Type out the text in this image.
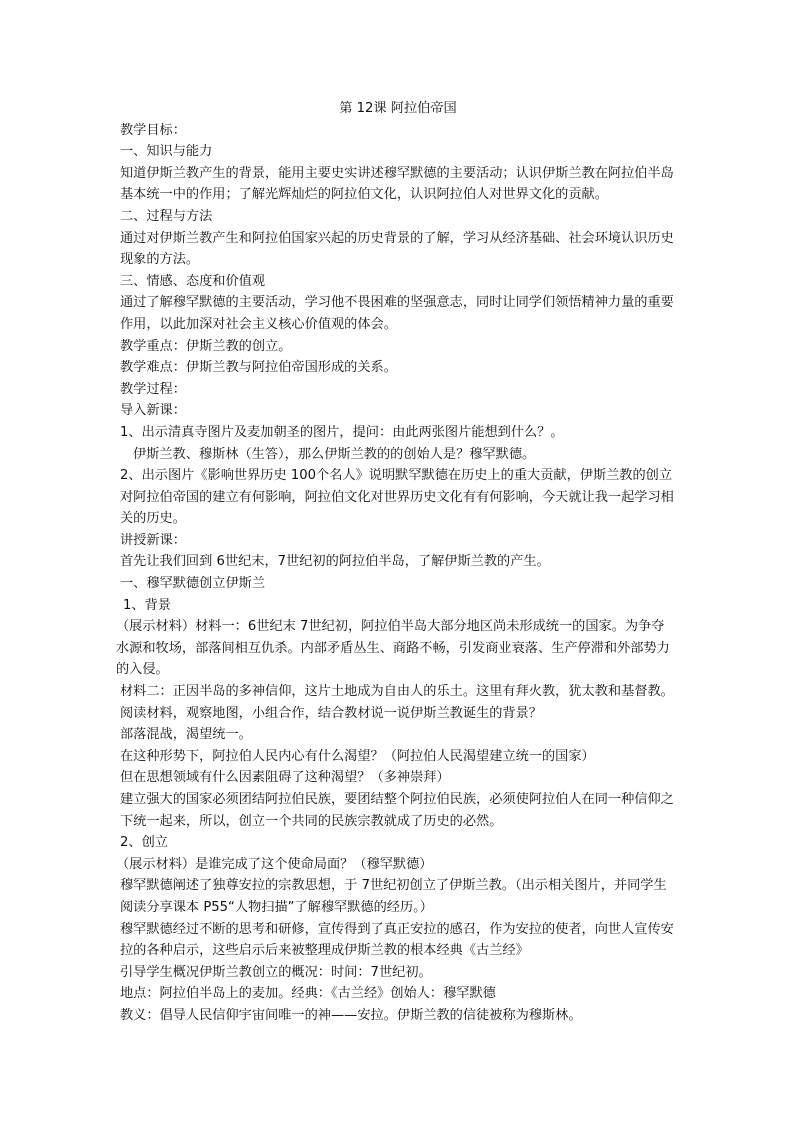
第 12课 阿拉伯帝国
教学目标：
一、知识与能力
知道伊斯兰教产生的背景，能用主要史实讲述穆罕默德的主要活动；认识伊斯兰教在阿拉伯半岛基本统一中的作用；了解光辉灿烂的阿拉伯文化，认识阿拉伯人对世界文化的贡献。
二、过程与方法
通过对伊斯兰教产生和阿拉伯国家兴起的历史背景的了解，学习从经济基础、社会环境认识历史现象的方法。
三、情感、态度和价值观
通过了解穆罕默德的主要活动，学习他不畏困难的坚强意志，同时让同学们领悟精神力量的重要作用，以此加深对社会主义核心价值观的体会。
教学重点：伊斯兰教的创立。
教学难点：伊斯兰教与阿拉伯帝国形成的关系。
教学过程：
导入新课：
1、出示清真寺图片及麦加朝圣的图片，提问：由此两张图片能想到什么？。
伊斯兰教、穆斯林（生答），那么伊斯兰教的的创始人是？穆罕默德。
2、出示图片《影响世界历史 100个名人》说明默罕默德在历史上的重大贡献，伊斯兰教的创立对阿拉伯帝国的建立有何影响，阿拉伯文化对世界历史文化有有何影响，今天就让我一起学习相关的历史。
讲授新课：
首先让我们回到 6世纪末，7世纪初的阿拉伯半岛，了解伊斯兰教的产生。
一、穆罕默德创立伊斯兰
1、背景
（展示材料）材料一：6世纪末 7世纪初，阿拉伯半岛大部分地区尚未形成统一的国家。为争夺水源和牧场，部落间相互仇杀。内部矛盾丛生、商路不畅，引发商业衰落、生产停滞和外部势力的入侵。
材料二：正因半岛的多神信仰，这片土地成为自由人的乐土。这里有拜火教，犹太教和基督教。
阅读材料，观察地图，小组合作，结合教材说一说伊斯兰教诞生的背景？
部落混战，渴望统一。
在这种形势下，阿拉伯人民内心有什么渴望？（阿拉伯人民渴望建立统一的国家）
但在思想领域有什么因素阻碍了这种渴望？（多神崇拜）
建立强大的国家必须团结阿拉伯民族，要团结整个阿拉伯民族，必须使阿拉伯人在同一种信仰之下统一起来，所以，创立一个共同的民族宗教就成了历史的必然。
2、创立
（展示材料）是谁完成了这个使命局面？（穆罕默德）
穆罕默德阐述了独尊安拉的宗教思想，于 7世纪初创立了伊斯兰教。（出示相关图片，并同学生阅读分享课本 P55“人物扫描”了解穆罕默德的经历。）
穆罕默德经过不断的思考和研修，宣传得到了真正安拉的感召，作为安拉的使者，向世人宣传安拉的各种启示，这些启示后来被整理成伊斯兰教的根本经典《古兰经》
引导学生概况伊斯兰教创立的概况：时间：7世纪初。
地点：阿拉伯半岛上的麦加。经典：《古兰经》创始人：穆罕默德
教义：倡导人民信仰宇宙间唯一的神——安拉。伊斯兰教的信徒被称为穆斯林。
